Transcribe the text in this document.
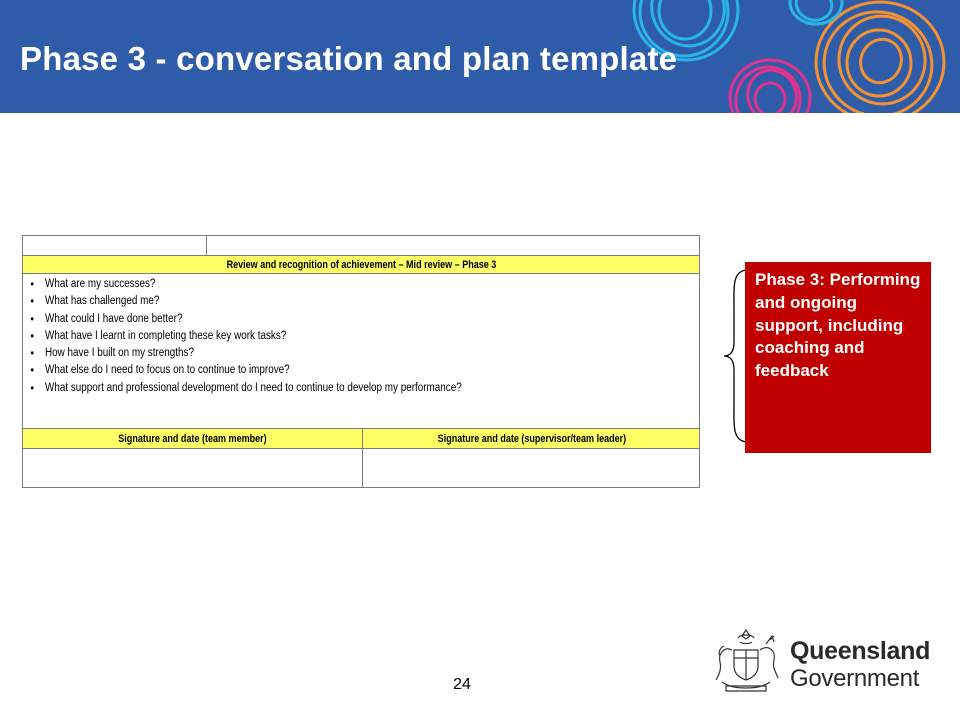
Phase 3 - conversation and plan template
Review and recognition of achievement – Mid review – Phase 3
• What are my successes?
• What has challenged me?
• What could I have done better?
• What have I learnt in completing these key work tasks?
• How have I built on my strengths?
• What else do I need to focus on to continue to improve?
• What support and professional development do I need to continue to develop my performance?
Signature and date (team member)	Signature and date (supervisor/team leader)
Phase 3: Performing and ongoing support, including coaching and feedback
24
Queensland
Government
